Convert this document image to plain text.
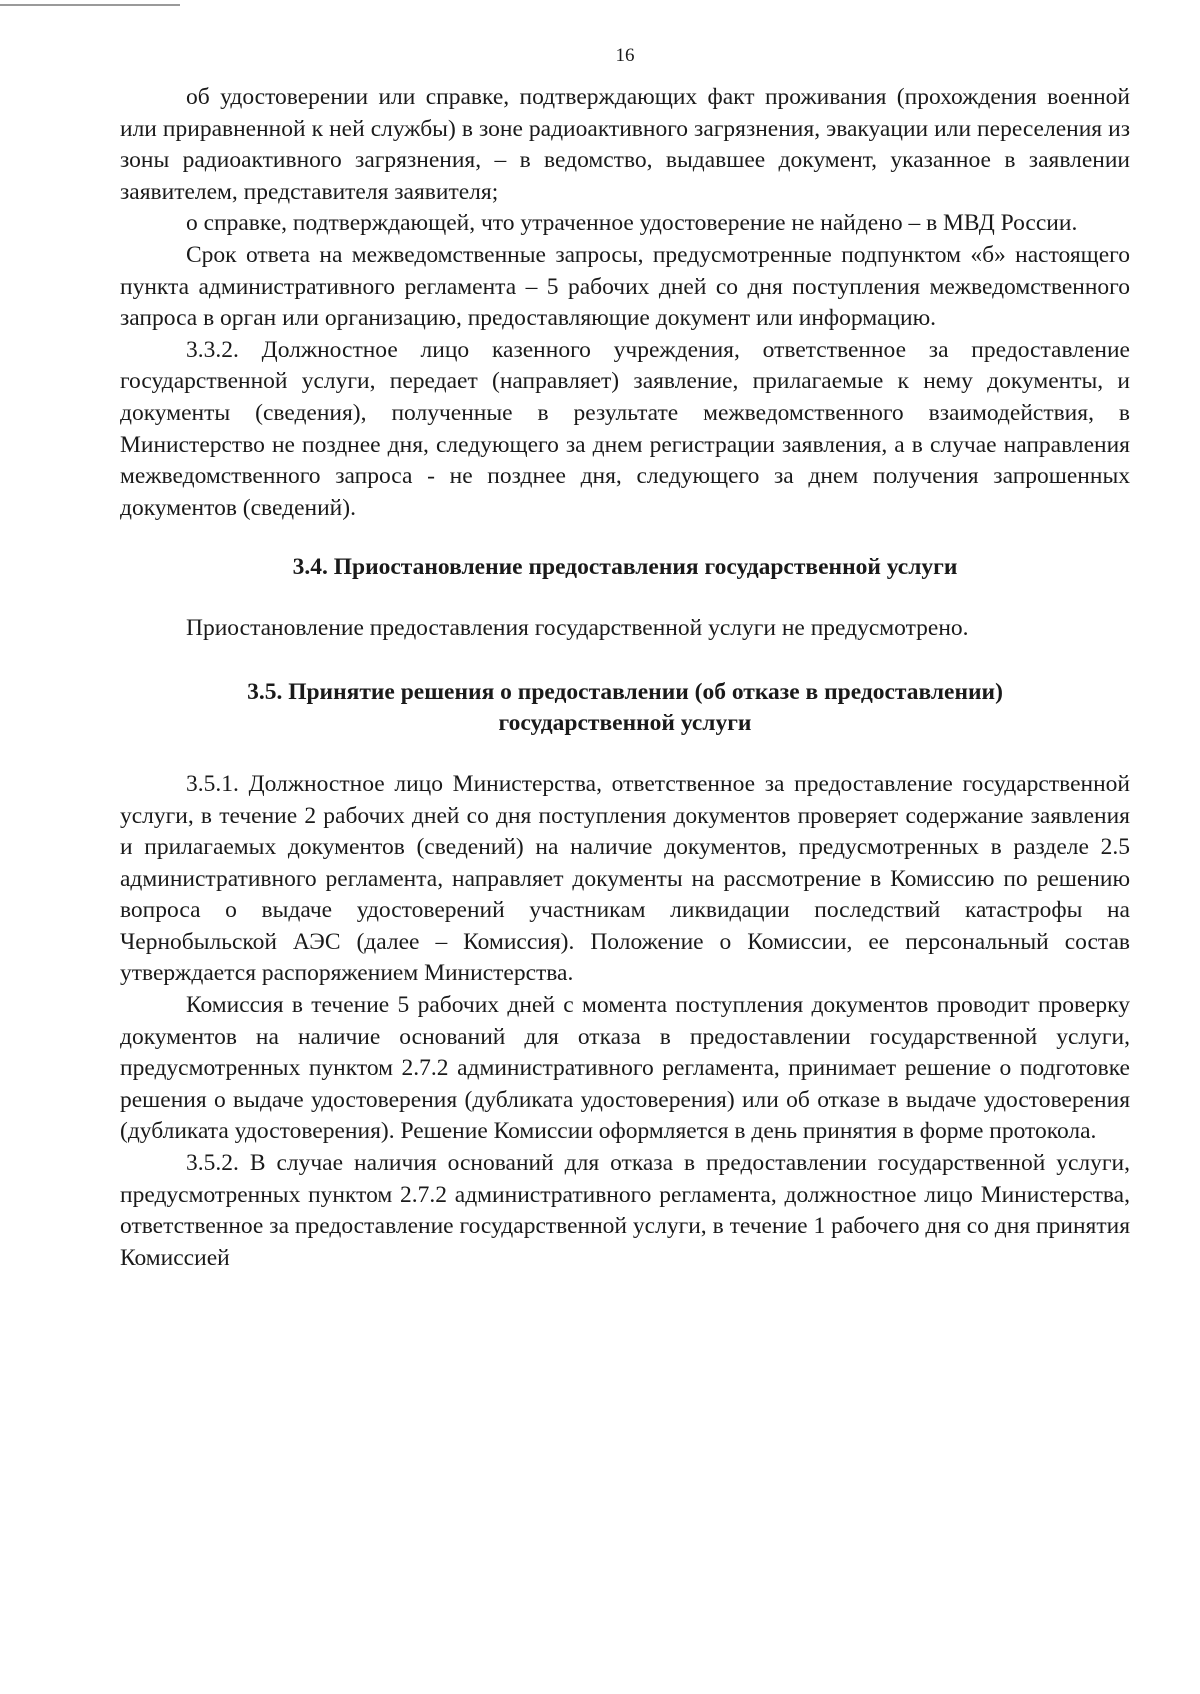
16

об удостоверении или справке, подтверждающих факт проживания (прохождения военной или приравненной к ней службы) в зоне радиоактивного загрязнения, эвакуации или переселения из зоны радиоактивного загрязнения, – в ведомство, выдавшее документ, указанное в заявлении заявителем, представителя заявителя;

о справке, подтверждающей, что утраченное удостоверение не найдено – в МВД России.

Срок ответа на межведомственные запросы, предусмотренные подпунктом «б» настоящего пункта административного регламента – 5 рабочих дней со дня поступления межведомственного запроса в орган или организацию, предоставляющие документ или информацию.

3.3.2. Должностное лицо казенного учреждения, ответственное за предоставление государственной услуги, передает (направляет) заявление, прилагаемые к нему документы, и документы (сведения), полученные в результате межведомственного взаимодействия, в Министерство не позднее дня, следующего за днем регистрации заявления, а в случае направления межведомственного запроса - не позднее дня, следующего за днем получения запрошенных документов (сведений).

3.4. Приостановление предоставления государственной услуги

Приостановление предоставления государственной услуги не предусмотрено.

3.5. Принятие решения о предоставлении (об отказе в предоставлении)
государственной услуги

3.5.1. Должностное лицо Министерства, ответственное за предоставление государственной услуги, в течение 2 рабочих дней со дня поступления документов проверяет содержание заявления и прилагаемых документов (сведений) на наличие документов, предусмотренных в разделе 2.5 административного регламента, направляет документы на рассмотрение в Комиссию по решению вопроса о выдаче удостоверений участникам ликвидации последствий катастрофы на Чернобыльской АЭС (далее – Комиссия). Положение о Комиссии, ее персональный состав утверждается распоряжением Министерства.

Комиссия в течение 5 рабочих дней с момента поступления документов проводит проверку документов на наличие оснований для отказа в предоставлении государственной услуги, предусмотренных пунктом 2.7.2 административного регламента, принимает решение о подготовке решения о выдаче удостоверения (дубликата удостоверения) или об отказе в выдаче удостоверения (дубликата удостоверения). Решение Комиссии оформляется в день принятия в форме протокола.

3.5.2. В случае наличия оснований для отказа в предоставлении государственной услуги, предусмотренных пунктом 2.7.2 административного регламента, должностное лицо Министерства, ответственное за предоставление государственной услуги, в течение 1 рабочего дня со дня принятия Комиссией
